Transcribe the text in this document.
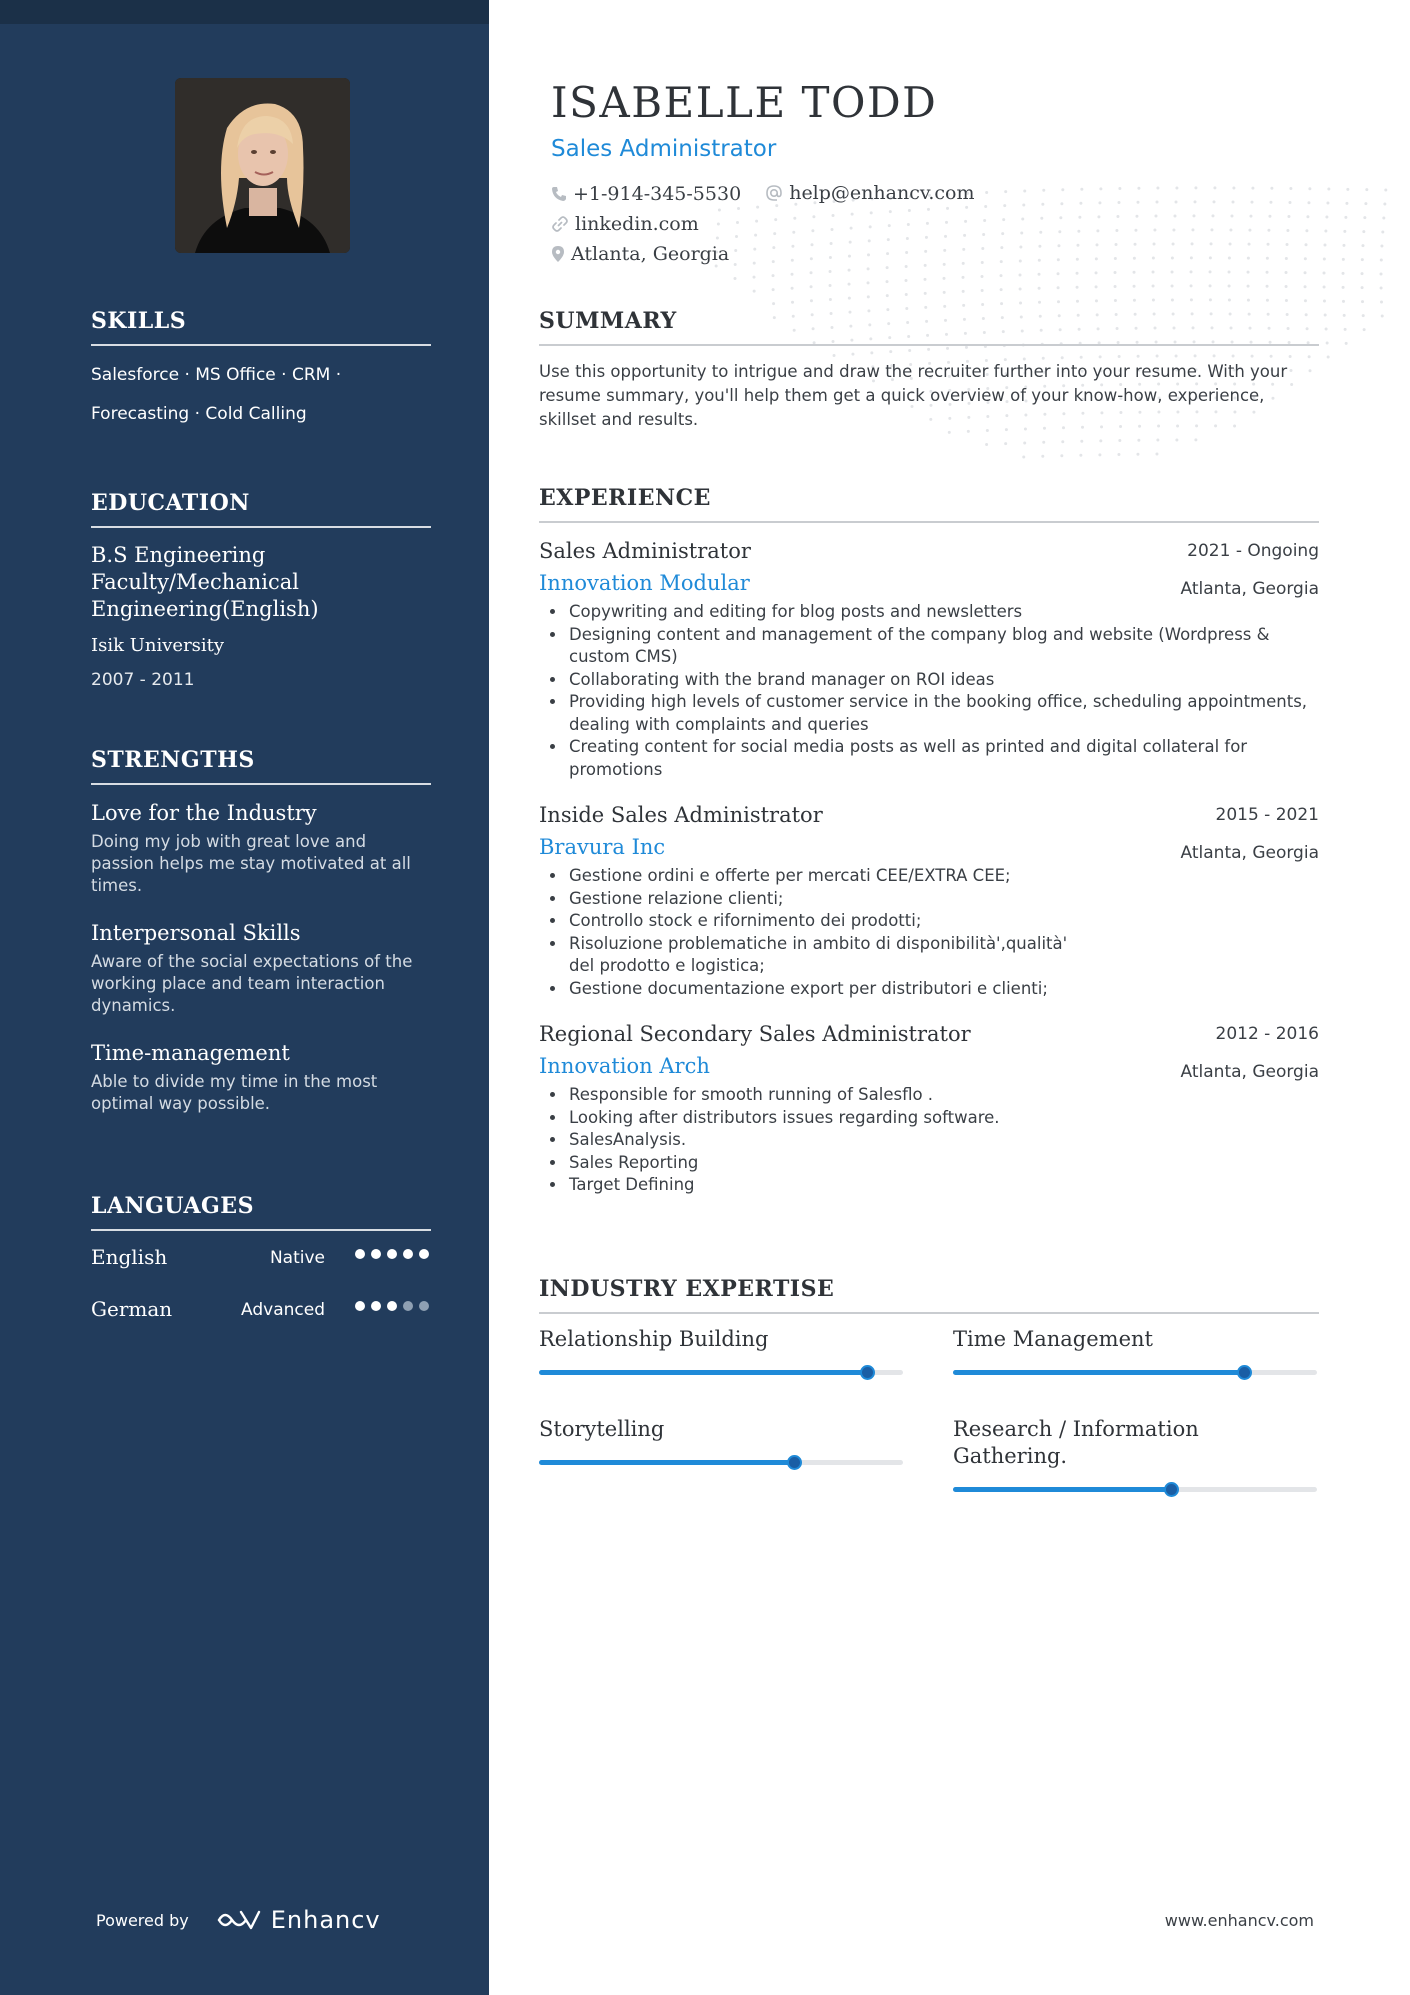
SKILLS
Salesforce · MS Office · CRM ·
Forecasting · Cold Calling
EDUCATION
B.S Engineering Faculty/Mechanical Engineering(English)
Isik University
2007 - 2011
STRENGTHS
Love for the Industry
Doing my job with great love and passion helps me stay motivated at all times.
Interpersonal Skills
Aware of the social expectations of the working place and team interaction dynamics.
Time-management
Able to divide my time in the most optimal way possible.
LANGUAGES
English	Native
German	Advanced
Powered by	Enhancv
ISABELLE TODD
Sales Administrator
+1-914-345-5530
	help@enhancv.com

linkedin.com

Atlanta, Georgia
SUMMARY
Use this opportunity to intrigue and draw the recruiter further into your resume. With your resume summary, you'll help them get a quick overview of your know-how, experience, skillset and results.
EXPERIENCE
Sales Administrator	2021 - Ongoing
Innovation Modular	Atlanta, Georgia
• Copywriting and editing for blog posts and newsletters
• Designing content and management of the company blog and website (Wordpress & custom CMS)
• Collaborating with the brand manager on ROI ideas
• Providing high levels of customer service in the booking office, scheduling appointments, dealing with complaints and queries
• Creating content for social media posts as well as printed and digital collateral for promotions
Inside Sales Administrator	2015 - 2021
Bravura Inc	Atlanta, Georgia
• Gestione ordini e offerte per mercati CEE/EXTRA CEE;
• Gestione relazione clienti;
• Controllo stock e rifornimento dei prodotti;
• Risoluzione problematiche in ambito di disponibilità',qualità' del prodotto e logistica;
• Gestione documentazione export per distributori e clienti;
Regional Secondary Sales Administrator	2012 - 2016
Innovation Arch	Atlanta, Georgia
• Responsible for smooth running of Salesflo .
• Looking after distributors issues regarding software.
• SalesAnalysis.
• Sales Reporting
• Target Defining
INDUSTRY EXPERTISE
Relationship Building	Time Management
Storytelling	Research / Information Gathering.
www.enhancv.com
